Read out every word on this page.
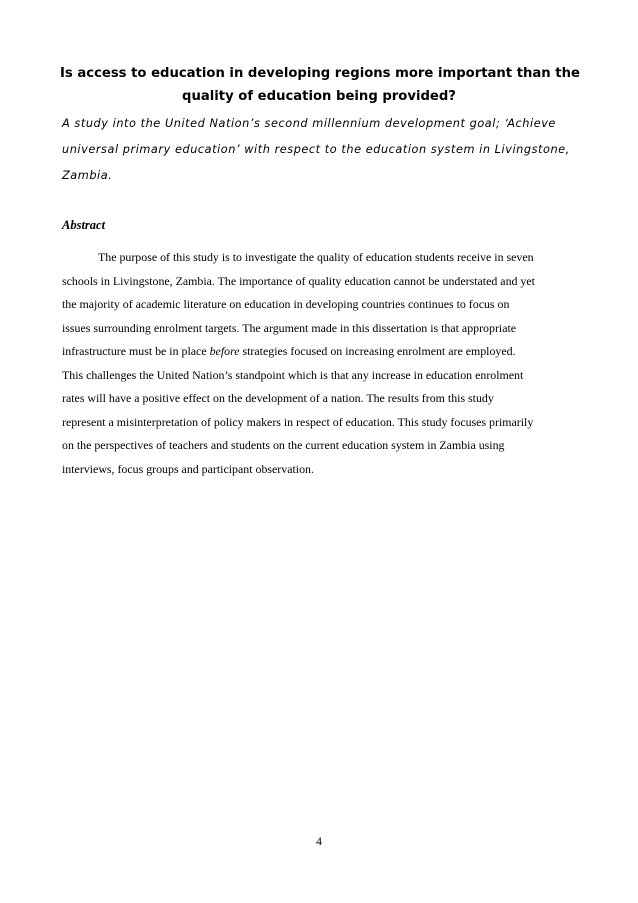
Is access to education in developing regions more important than the
quality of education being provided?
A study into the United Nation’s second millennium development goal; ‘Achieve
universal primary education’ with respect to the education system in Livingstone,
Zambia.
Abstract
The purpose of this study is to investigate the quality of education students receive in seven
schools in Livingstone, Zambia. The importance of quality education cannot be understated and yet
the majority of academic literature on education in developing countries continues to focus on
issues surrounding enrolment targets. The argument made in this dissertation is that appropriate
infrastructure must be in place before strategies focused on increasing enrolment are employed.
This challenges the United Nation’s standpoint which is that any increase in education enrolment
rates will have a positive effect on the development of a nation. The results from this study
represent a misinterpretation of policy makers in respect of education. This study focuses primarily
on the perspectives of teachers and students on the current education system in Zambia using
interviews, focus groups and participant observation.
4
